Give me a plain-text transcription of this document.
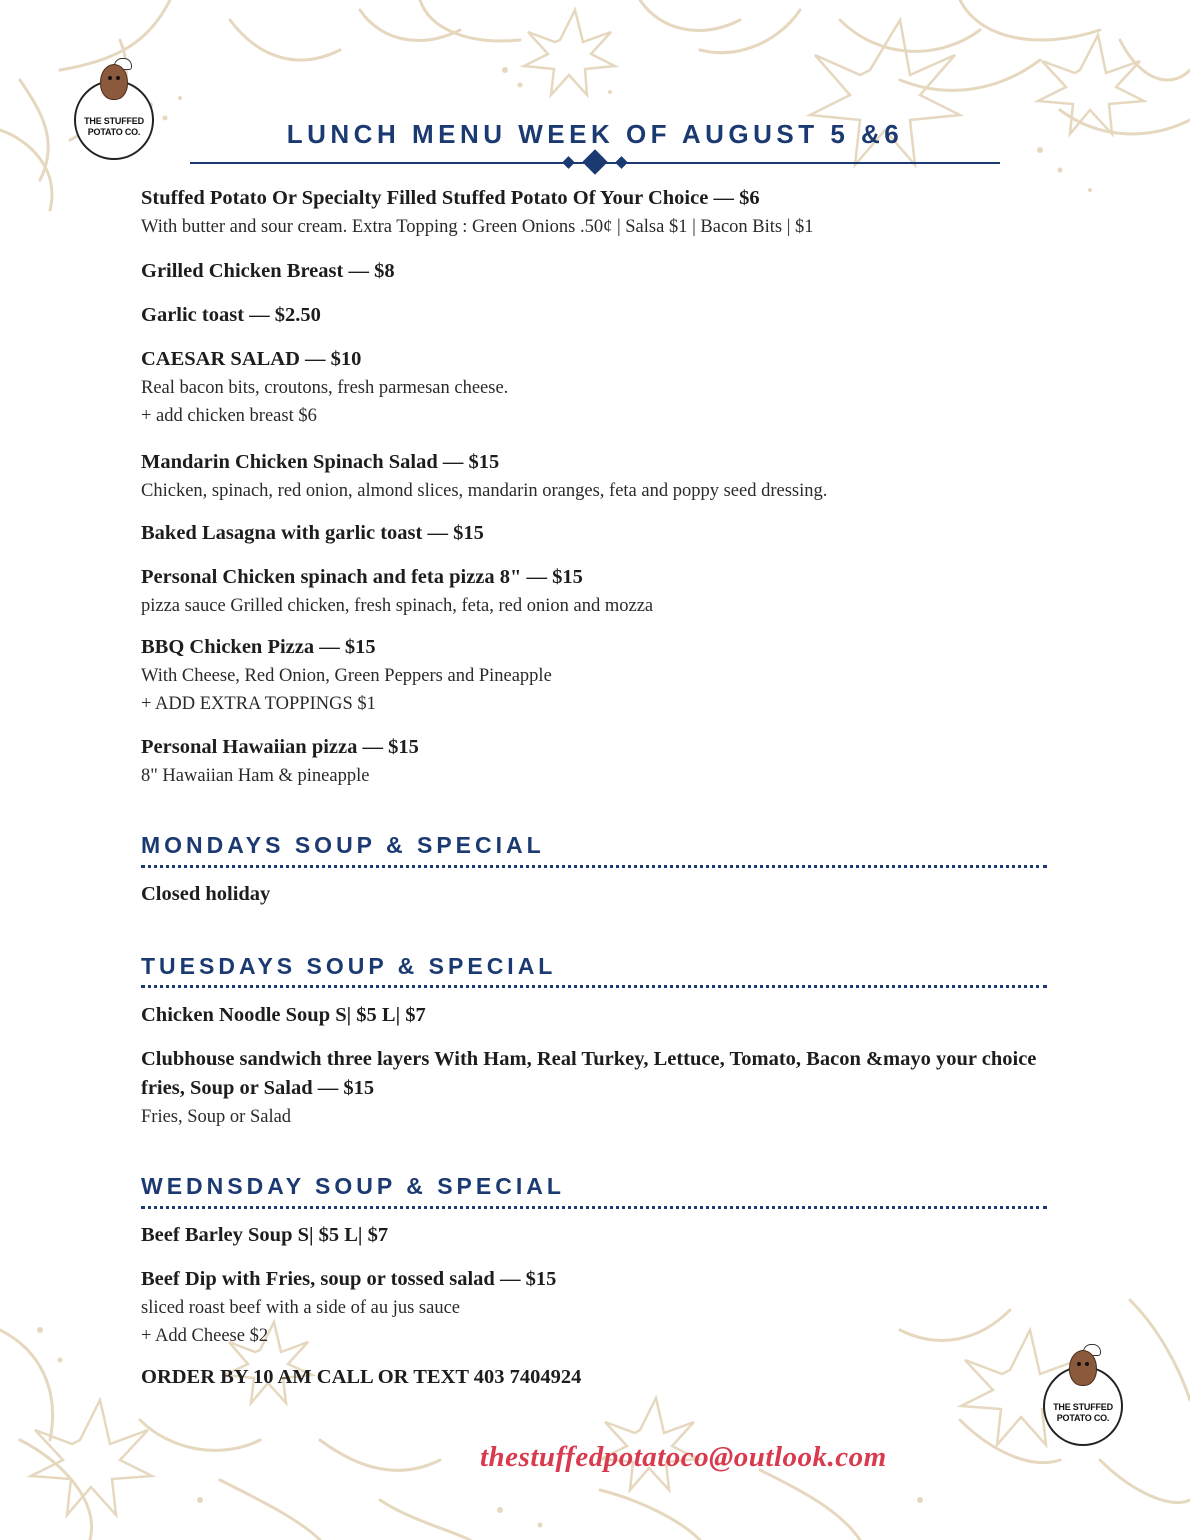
THE STUFFED
POTATO CO.
THE STUFFED
POTATO CO.
LUNCH MENU WEEK OF AUGUST 5 &6
Stuffed Potato Or Specialty Filled Stuffed Potato Of Your Choice — $6
With butter and sour cream. Extra Topping : Green Onions .50¢ | Salsa $1 | Bacon Bits | $1
Grilled Chicken Breast — $8
Garlic toast — $2.50
CAESAR SALAD — $10
Real bacon bits, croutons, fresh parmesan cheese.
+ add chicken breast $6
Mandarin Chicken Spinach Salad — $15
Chicken, spinach, red onion, almond slices, mandarin oranges, feta and poppy seed dressing.
Baked Lasagna with garlic toast — $15
Personal Chicken spinach and feta pizza 8" — $15
pizza sauce Grilled chicken, fresh spinach, feta, red onion and mozza
BBQ Chicken Pizza — $15
With Cheese, Red Onion, Green Peppers and Pineapple
+ ADD EXTRA TOPPINGS $1
Personal Hawaiian pizza — $15
8" Hawaiian Ham & pineapple
MONDAYS SOUP & SPECIAL
Closed holiday
TUESDAYS SOUP & SPECIAL
Chicken Noodle Soup S| $5 L| $7
Clubhouse sandwich three layers With Ham, Real Turkey, Lettuce, Tomato, Bacon &mayo your choice fries, Soup or Salad — $15
Fries, Soup or Salad
WEDNSDAY SOUP & SPECIAL
Beef Barley Soup S| $5 L| $7
Beef Dip with Fries, soup or tossed salad — $15
sliced roast beef with a side of au jus sauce
+ Add Cheese $2
ORDER BY 10 AM CALL OR TEXT 403 7404924
thestuffedpotatoco@outlook.com
